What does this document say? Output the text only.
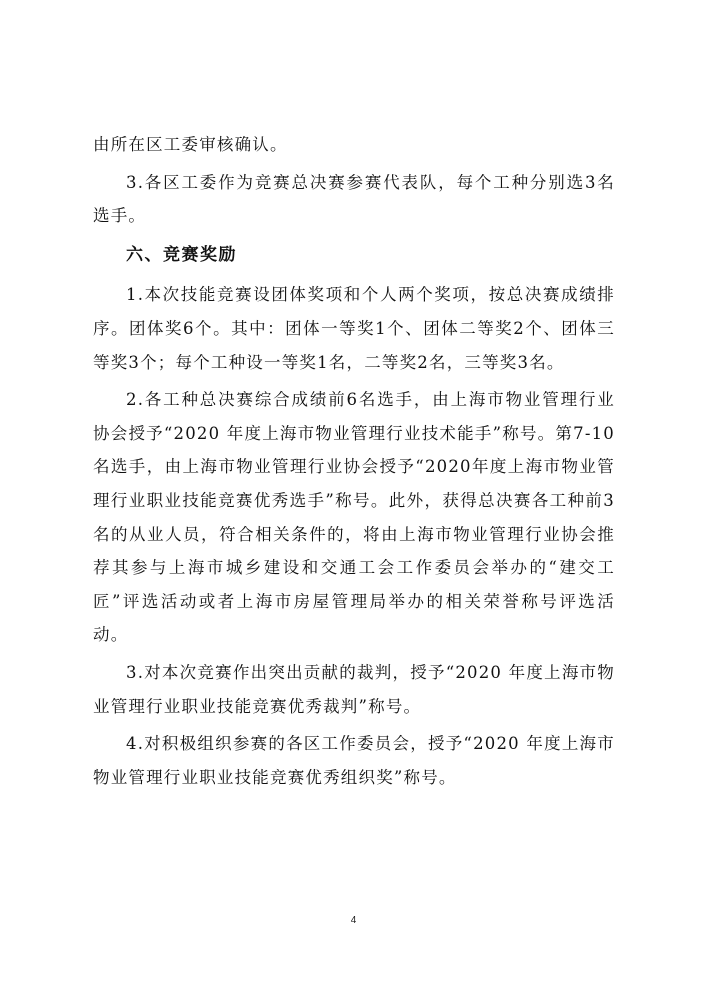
由所在区工委审核确认。

3.各区工委作为竞赛总决赛参赛代表队，每个工种分别选3名选手。

六、竞赛奖励

1.本次技能竞赛设团体奖项和个人两个奖项，按总决赛成绩排序。团体奖6个。其中：团体一等奖1个、团体二等奖2个、团体三等奖3个；每个工种设一等奖1名，二等奖2名，三等奖3名。

2.各工种总决赛综合成绩前6名选手，由上海市物业管理行业协会授予“2020 年度上海市物业管理行业技术能手”称号。第7-10名选手，由上海市物业管理行业协会授予“2020年度上海市物业管理行业职业技能竞赛优秀选手”称号。此外，获得总决赛各工种前3名的从业人员，符合相关条件的，将由上海市物业管理行业协会推荐其参与上海市城乡建设和交通工会工作委员会举办的“建交工匠”评选活动或者上海市房屋管理局举办的相关荣誉称号评选活动。

3.对本次竞赛作出突出贡献的裁判，授予“2020 年度上海市物业管理行业职业技能竞赛优秀裁判”称号。

4.对积极组织参赛的各区工作委员会，授予“2020 年度上海市物业管理行业职业技能竞赛优秀组织奖”称号。

4
